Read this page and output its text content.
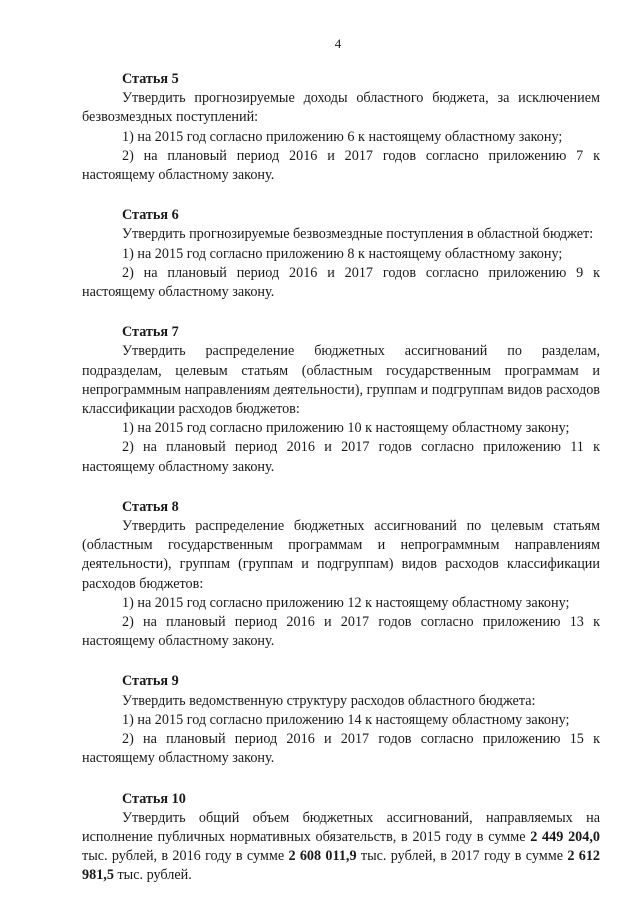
4

Статья 5

Утвердить прогнозируемые доходы областного бюджета, за исключением безвозмездных поступлений:

1) на 2015 год согласно приложению 6 к настоящему областному закону;

2) на плановый период 2016 и 2017 годов согласно приложению 7 к настоящему областному закону.

Статья 6

Утвердить прогнозируемые безвозмездные поступления в областной бюджет:

1) на 2015 год согласно приложению 8 к настоящему областному закону;

2) на плановый период 2016 и 2017 годов согласно приложению 9 к настоящему областному закону.

Статья 7

Утвердить распределение бюджетных ассигнований по разделам, подразделам, целевым статьям (областным государственным программам и непрограммным направлениям деятельности), группам и подгруппам видов расходов классификации расходов бюджетов:

1) на 2015 год согласно приложению 10 к настоящему областному закону;

2) на плановый период 2016 и 2017 годов согласно приложению 11 к настоящему областному закону.

Статья 8

Утвердить распределение бюджетных ассигнований по целевым статьям (областным государственным программам и непрограммным направлениям деятельности), группам (группам и подгруппам) видов расходов классификации расходов бюджетов:

1) на 2015 год согласно приложению 12 к настоящему областному закону;

2) на плановый период 2016 и 2017 годов согласно приложению 13 к настоящему областному закону.

Статья 9

Утвердить ведомственную структуру расходов областного бюджета:

1) на 2015 год согласно приложению 14 к настоящему областному закону;

2) на плановый период 2016 и 2017 годов согласно приложению 15 к настоящему областному закону.

Статья 10

Утвердить общий объем бюджетных ассигнований, направляемых на исполнение публичных нормативных обязательств, в 2015 году в сумме 2 449 204,0 тыс. рублей, в 2016 году в сумме 2 608 011,9 тыс. рублей, в 2017 году в сумме 2 612 981,5 тыс. рублей.
